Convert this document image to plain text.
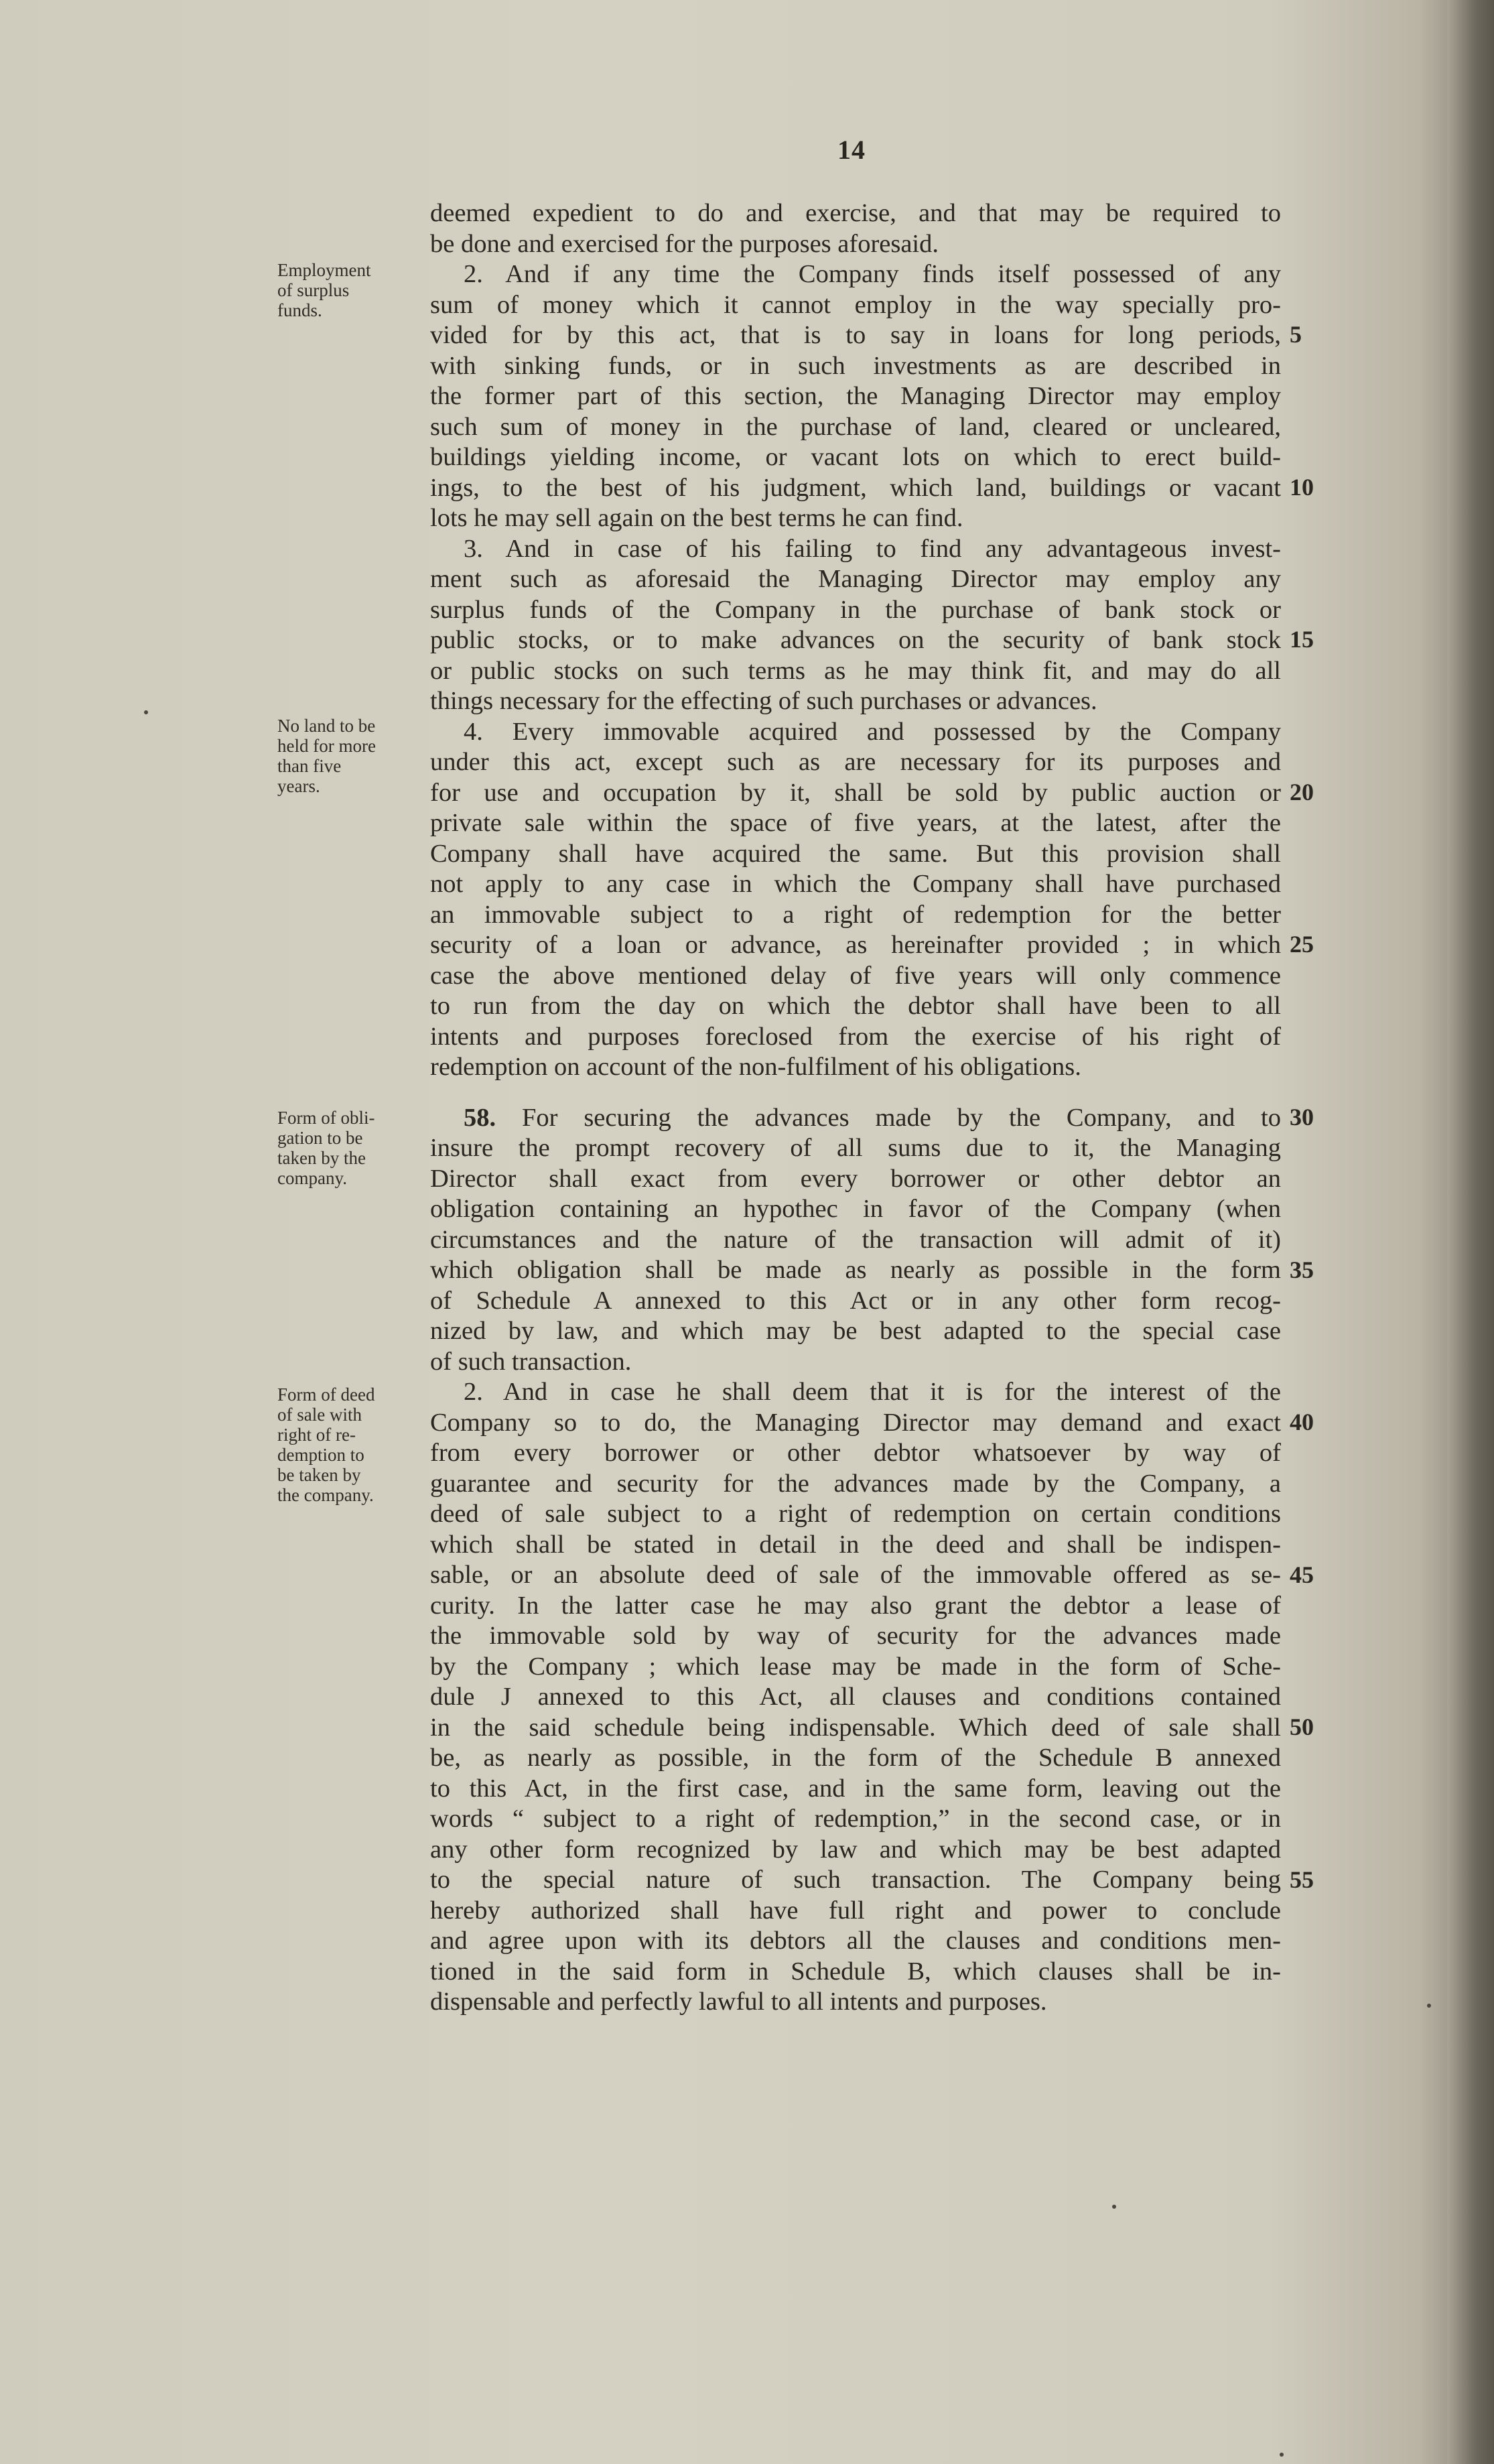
14
Employment
of surplus
funds.
No land to be
held for more
than five
years.
Form of obli-
gation to be
taken by the
company.
Form of deed
of sale with
right of re-
demption to
be taken by
the company.
deemed expedient to do and exercise, and that may be required to
be done and exercised for the purposes aforesaid.
2. And if any time the Company finds itself possessed of any
sum of money which it cannot employ in the way specially pro-
vided for by this act, that is to say in loans for long periods,
with sinking funds, or in such investments as are described in
the former part of this section, the Managing Director may employ
such sum of money in the purchase of land, cleared or uncleared,
buildings yielding income, or vacant lots on which to erect build-
ings, to the best of his judgment, which land, buildings or vacant
lots he may sell again on the best terms he can find.
3. And in case of his failing to find any advantageous invest-
ment such as aforesaid the Managing Director may employ any
surplus funds of the Company in the purchase of bank stock or
public stocks, or to make advances on the security of bank stock
or public stocks on such terms as he may think fit, and may do all
things necessary for the effecting of such purchases or advances.
4. Every immovable acquired and possessed by the Company
under this act, except such as are necessary for its purposes and
for use and occupation by it, shall be sold by public auction or
private sale within the space of five years, at the latest, after the
Company shall have acquired the same. But this provision shall
not apply to any case in which the Company shall have purchased
an immovable subject to a right of redemption for the better
security of a loan or advance, as hereinafter provided ; in which
case the above mentioned delay of five years will only commence
to run from the day on which the debtor shall have been to all
intents and purposes foreclosed from the exercise of his right of
redemption on account of the non-fulfilment of his obligations.
58. For securing the advances made by the Company, and to
insure the prompt recovery of all sums due to it, the Managing
Director shall exact from every borrower or other debtor an
obligation containing an hypothec in favor of the Company (when
circumstances and the nature of the transaction will admit of it)
which obligation shall be made as nearly as possible in the form
of Schedule A annexed to this Act or in any other form recog-
nized by law, and which may be best adapted to the special case
of such transaction.
2. And in case he shall deem that it is for the interest of the
Company so to do, the Managing Director may demand and exact
from every borrower or other debtor whatsoever by way of
guarantee and security for the advances made by the Company, a
deed of sale subject to a right of redemption on certain conditions
which shall be stated in detail in the deed and shall be indispen-
sable, or an absolute deed of sale of the immovable offered as se-
curity. In the latter case he may also grant the debtor a lease of
the immovable sold by way of security for the advances made
by the Company ; which lease may be made in the form of Sche-
dule J annexed to this Act, all clauses and conditions contained
in the said schedule being indispensable. Which deed of sale shall
be, as nearly as possible, in the form of the Schedule B annexed
to this Act, in the first case, and in the same form, leaving out the
words “ subject to a right of redemption,” in the second case, or in
any other form recognized by law and which may be best adapted
to the special nature of such transaction. The Company being
hereby authorized shall have full right and power to conclude
and agree upon with its debtors all the clauses and conditions men-
tioned in the said form in Schedule B, which clauses shall be in-
dispensable and perfectly lawful to all intents and purposes.
5
10
15
20
25
30
35
40
45
50
55
